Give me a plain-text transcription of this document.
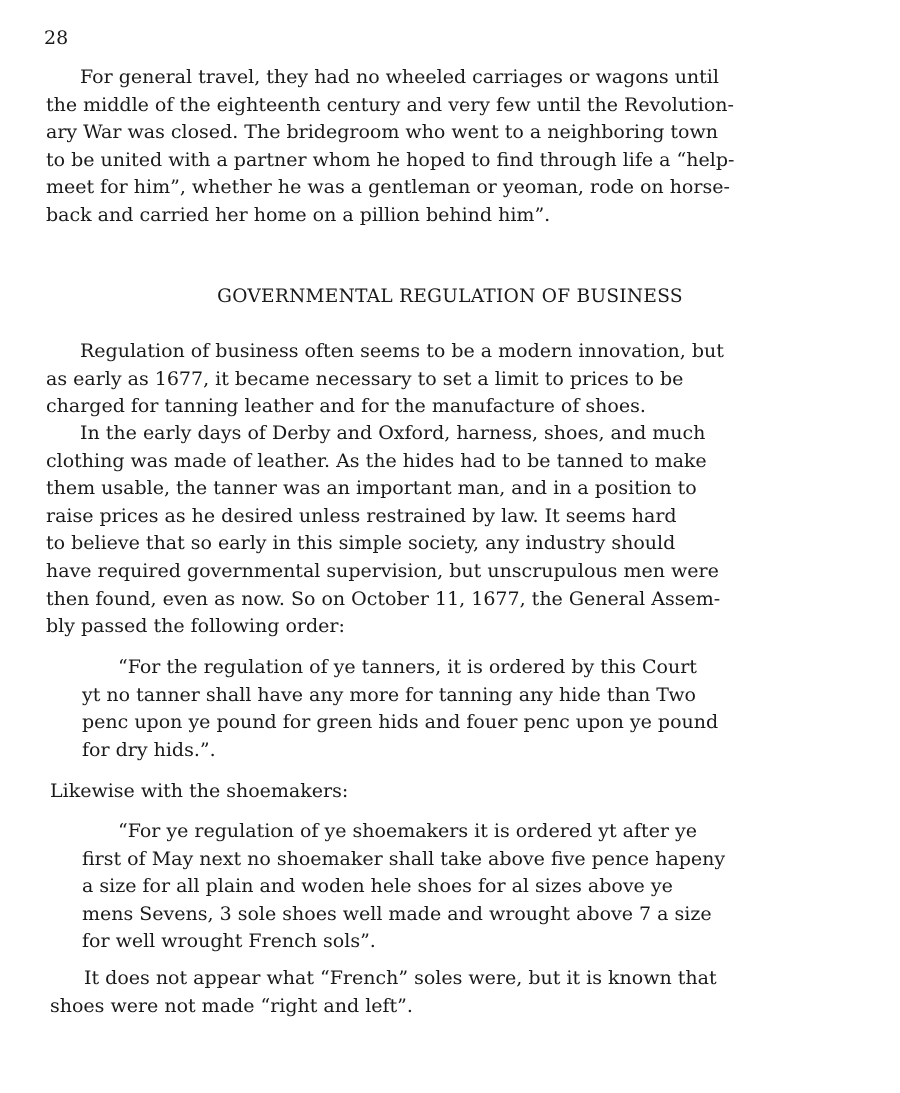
28
For general travel, they had no wheeled carriages or wagons until
the middle of the eighteenth century and very few until the Revolution-
ary War was closed. The bridegroom who went to a neighboring town
to be united with a partner whom he hoped to find through life a “help-
meet for him”, whether he was a gentleman or yeoman, rode on horse-
back and carried her home on a pillion behind him”.
GOVERNMENTAL REGULATION OF BUSINESS
Regulation of business often seems to be a modern innovation, but
as early as 1677, it became necessary to set a limit to prices to be
charged for tanning leather and for the manufacture of shoes.
In the early days of Derby and Oxford, harness, shoes, and much
clothing was made of leather. As the hides had to be tanned to make
them usable, the tanner was an important man, and in a position to
raise prices as he desired unless restrained by law. It seems hard
to believe that so early in this simple society, any industry should
have required governmental supervision, but unscrupulous men were
then found, even as now. So on October 11, 1677, the General Assem-
bly passed the following order:
“For the regulation of ye tanners, it is ordered by this Court
yt no tanner shall have any more for tanning any hide than Two
penc upon ye pound for green hids and fouer penc upon ye pound
for dry hids.”.
Likewise with the shoemakers:
“For ye regulation of ye shoemakers it is ordered yt after ye
first of May next no shoemaker shall take above five pence hapeny
a size for all plain and woden hele shoes for al sizes above ye
mens Sevens, 3 sole shoes well made and wrought above 7 a size
for well wrought French sols”.
It does not appear what “French” soles were, but it is known that
shoes were not made “right and left”.
